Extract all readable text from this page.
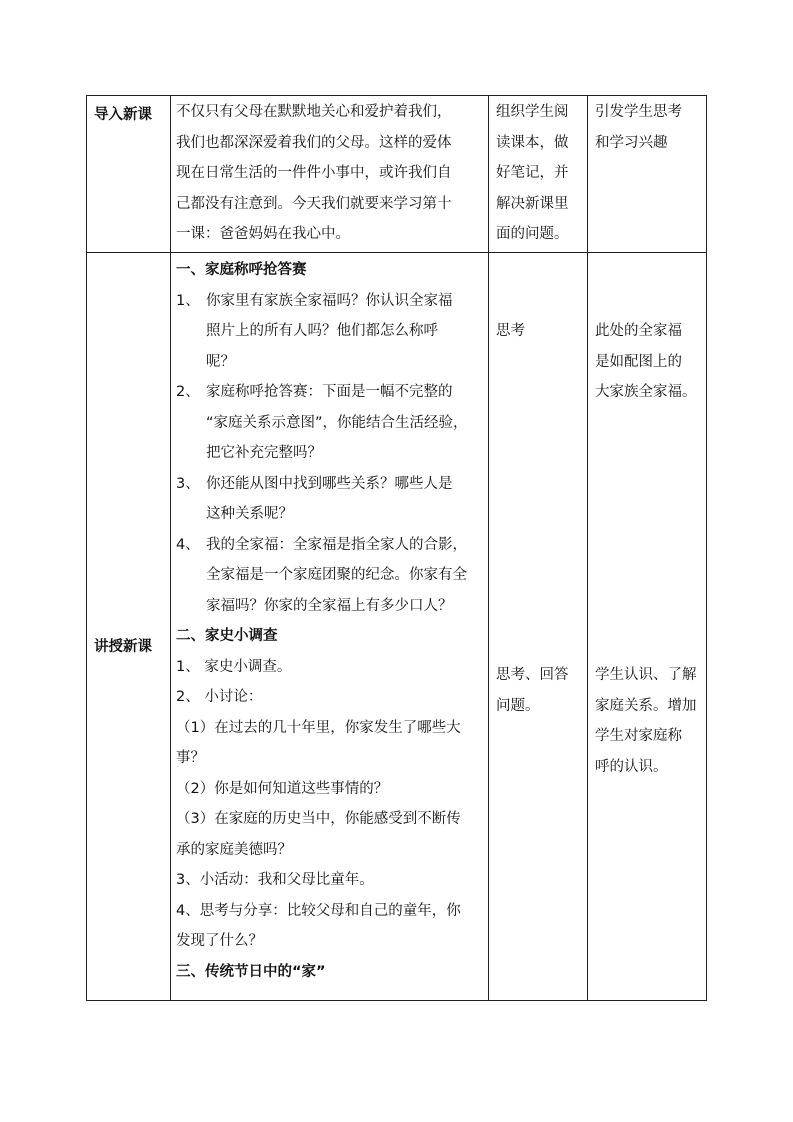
导入新课 不仅只有父母在默默地关心和爱护着我们，
我们也都深深爱着我们的父母。这样的爱体
现在日常生活的一件件小事中，或许我们自
己都没有注意到。今天我们就要来学习第十
一课：爸爸妈妈在我心中。
组织学生阅
读课本，做
好笔记，并
解决新课里
面的问题。
引发学生思考
和学习兴趣
讲授新课
一、家庭称呼抢答赛
1、 你家里有家族全家福吗？你认识全家福
照片上的所有人吗？他们都怎么称呼
呢？
2、 家庭称呼抢答赛：下面是一幅不完整的
“家庭关系示意图”，你能结合生活经验，
把它补充完整吗？
3、 你还能从图中找到哪些关系？哪些人是
这种关系呢？
4、 我的全家福：全家福是指全家人的合影，
全家福是一个家庭团聚的纪念。你家有全
家福吗？你家的全家福上有多少口人？
二、家史小调查
1、 家史小调查。
2、 小讨论：
（1）在过去的几十年里，你家发生了哪些大
事？
（2）你是如何知道这些事情的？
（3）在家庭的历史当中，你能感受到不断传
承的家庭美德吗？
3、小活动：我和父母比童年。
4、思考与分享：比较父母和自己的童年，你
发现了什么？
三、传统节日中的“家”
思考	此处的全家福
是如配图上的
大家族全家福。
思考、回答
问题。
学生认识、了解
家庭关系。增加
学生对家庭称
呼的认识。
